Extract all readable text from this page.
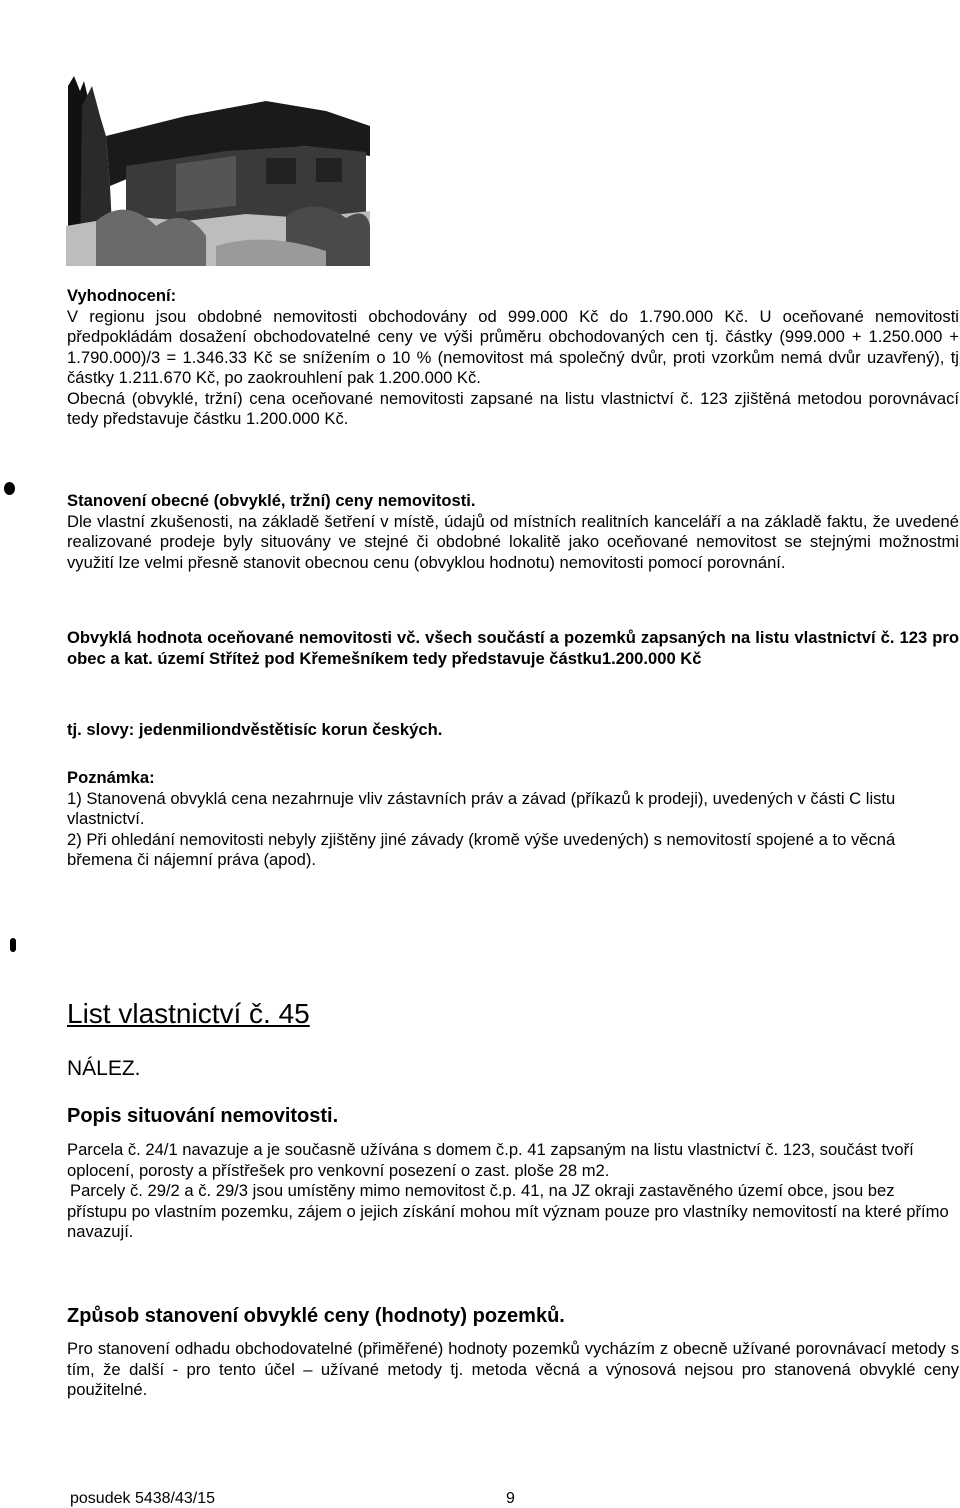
Vyhodnocení:

V regionu jsou obdobné nemovitosti obchodovány od 999.000 Kč do 1.790.000 Kč. U oceňované nemovitosti předpokládám dosažení obchodovatelné ceny ve výši průměru obchodovaných cen tj. částky (999.000 + 1.250.000 + 1.790.000)/3 = 1.346.33 Kč se snížením o 10 % (nemovitost má společný dvůr, proti vzorkům nemá dvůr uzavřený), tj částky 1.211.670 Kč, po zaokrouhlení pak 1.200.000 Kč.

Obecná (obvyklé, tržní) cena oceňované nemovitosti zapsané na listu vlastnictví č. 123 zjištěná metodou porovnávací tedy představuje částku 1.200.000 Kč.

Stanovení obecné (obvyklé, tržní) ceny nemovitosti.

Dle vlastní zkušenosti, na základě šetření v místě, údajů od místních realitních kanceláří a na základě faktu, že uvedené realizované prodeje byly situovány ve stejné či obdobné lokalitě jako oceňované nemovitost se stejnými možnostmi využití lze velmi přesně stanovit obecnou cenu (obvyklou hodnotu) nemovitosti pomocí porovnání.

Obvyklá hodnota oceňované nemovitosti vč. všech součástí a pozemků zapsaných na listu vlastnictví č. 123 pro obec a kat. území Stříteż pod Křemešníkem tedy představuje částku1.200.000 Kč
tj. slovy: jedenmiliondvěstětisíc korun českých.

Poznámka:

1) Stanovená obvyklá cena nezahrnuje vliv zástavních práv a závad (příkazů k prodeji), uvedených v části C listu vlastnictví.

2) Při ohledání nemovitosti nebyly zjištěny jiné závady (kromě výše uvedených) s nemovitostí spojené a to věcná břemena či nájemní práva (apod).

List vlastnictví č. 45
NÁLEZ.
Popis situování nemovitosti.

Parcela č. 24/1 navazuje a je současně užívána s domem č.p. 41 zapsaným na listu vlastnictví č. 123, součást tvoří oplocení, porosty a přístřešek pro venkovní posezení o zast. ploše 28 m2.

Parcely č. 29/2 a č. 29/3 jsou umístěny mimo nemovitost č.p. 41, na JZ okraji zastavěného území obce, jsou bez přístupu po vlastním pozemku, zájem o jejich získání mohou mít význam pouze pro vlastníky nemovitostí na které přímo navazují.

Způsob stanovení obvyklé ceny (hodnoty) pozemků.
Pro stanovení odhadu obchodovatelné (přiměřené) hodnoty pozemků vycházím z obecně užívané porovnávací metody s tím, že další - pro tento účel – užívané metody tj. metoda věcná a výnosová nejsou pro stanovená obvyklé ceny použitelné.
posudek 5438/43/15	9
